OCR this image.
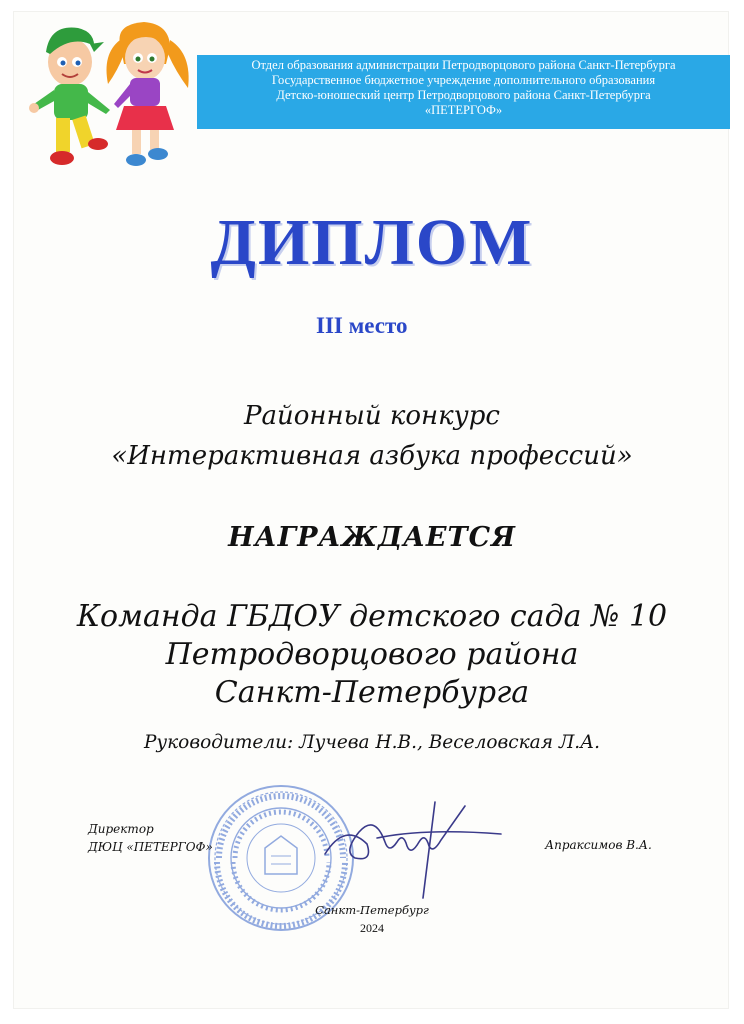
Отдел образования администрации Петродворцового района Санкт-Петербурга
Государственное бюджетное учреждение дополнительного образования
Детско-юношеский центр Петродворцового района Санкт-Петербурга
«ПЕТЕРГОФ»
ДИПЛОМ
III место
Районный конкурс
«Интерактивная азбука профессий»
НАГРАЖДАЕТСЯ
Команда ГБДОУ детского сада № 10
Петродворцового района
Санкт-Петербурга
Руководители: Лучева Н.В., Веселовская Л.А.
Директор
ДЮЦ «ПЕТЕРГОФ»	Апраксимов В.А.
Санкт-Петербург
2024
